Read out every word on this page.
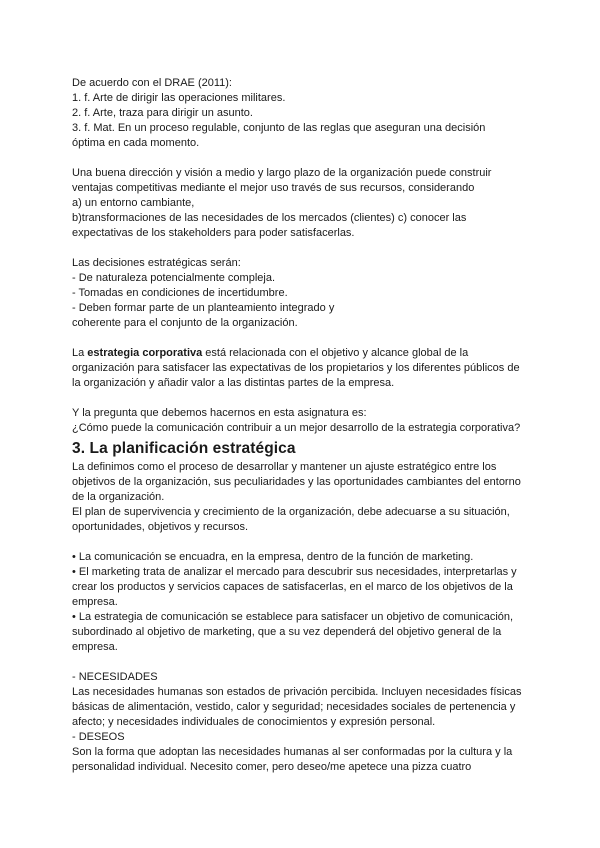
De acuerdo con el DRAE (2011):
1. f. Arte de dirigir las operaciones militares.
2. f. Arte, traza para dirigir un asunto.
3. f. Mat. En un proceso regulable, conjunto de las reglas que aseguran una decisión
óptima en cada momento.
Una buena dirección y visión a medio y largo plazo de la organización puede construir
ventajas competitivas mediante el mejor uso través de sus recursos, considerando
a) un entorno cambiante,
b)transformaciones de las necesidades de los mercados (clientes) c) conocer las
expectativas de los stakeholders para poder satisfacerlas.
Las decisiones estratégicas serán:
- De naturaleza potencialmente compleja.
- Tomadas en condiciones de incertidumbre.
- Deben formar parte de un planteamiento integrado y
coherente para el conjunto de la organización.
La estrategia corporativa está relacionada con el objetivo y alcance global de la
organización para satisfacer las expectativas de los propietarios y los diferentes públicos de
la organización y añadir valor a las distintas partes de la empresa.
Y la pregunta que debemos hacernos en esta asignatura es:
¿Cómo puede la comunicación contribuir a un mejor desarrollo de la estrategia corporativa?
3. La planificación estratégica
La definimos como el proceso de desarrollar y mantener un ajuste estratégico entre los
objetivos de la organización, sus peculiaridades y las oportunidades cambiantes del entorno
de la organización.
El plan de supervivencia y crecimiento de la organización, debe adecuarse a su situación,
oportunidades, objetivos y recursos.
• La comunicación se encuadra, en la empresa, dentro de la función de marketing.
• El marketing trata de analizar el mercado para descubrir sus necesidades, interpretarlas y
crear los productos y servicios capaces de satisfacerlas, en el marco de los objetivos de la
empresa.
• La estrategia de comunicación se establece para satisfacer un objetivo de comunicación,
subordinado al objetivo de marketing, que a su vez dependerá del objetivo general de la
empresa.
- NECESIDADES
Las necesidades humanas son estados de privación percibida. Incluyen necesidades físicas
básicas de alimentación, vestido, calor y seguridad; necesidades sociales de pertenencia y
afecto; y necesidades individuales de conocimientos y expresión personal.
- DESEOS
Son la forma que adoptan las necesidades humanas al ser conformadas por la cultura y la
personalidad individual. Necesito comer, pero deseo/me apetece una pizza cuatro
